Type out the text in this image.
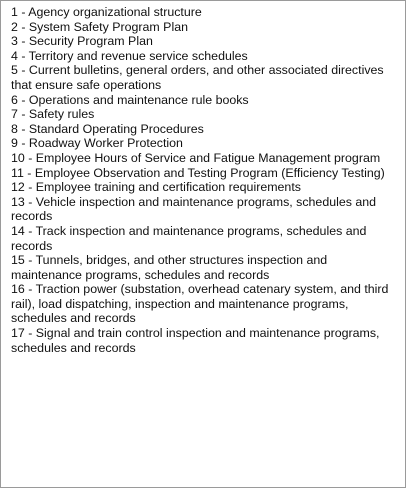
1 - Agency organizational structure
2 - System Safety Program Plan
3 - Security Program Plan
4 - Territory and revenue service schedules
5 - Current bulletins, general orders, and other associated directives that ensure safe operations
6 - Operations and maintenance rule books
7 - Safety rules
8 - Standard Operating Procedures
9 - Roadway Worker Protection
10 - Employee Hours of Service and Fatigue Management program
11 - Employee Observation and Testing Program (Efficiency Testing)
12 - Employee training and certification requirements
13 - Vehicle inspection and maintenance programs, schedules and records
14 - Track inspection and maintenance programs, schedules and records
15 - Tunnels, bridges, and other structures inspection and maintenance programs, schedules and records
16 - Traction power (substation, overhead catenary system, and third rail), load dispatching, inspection and maintenance programs, schedules and records
17 - Signal and train control inspection and maintenance programs, schedules and records
